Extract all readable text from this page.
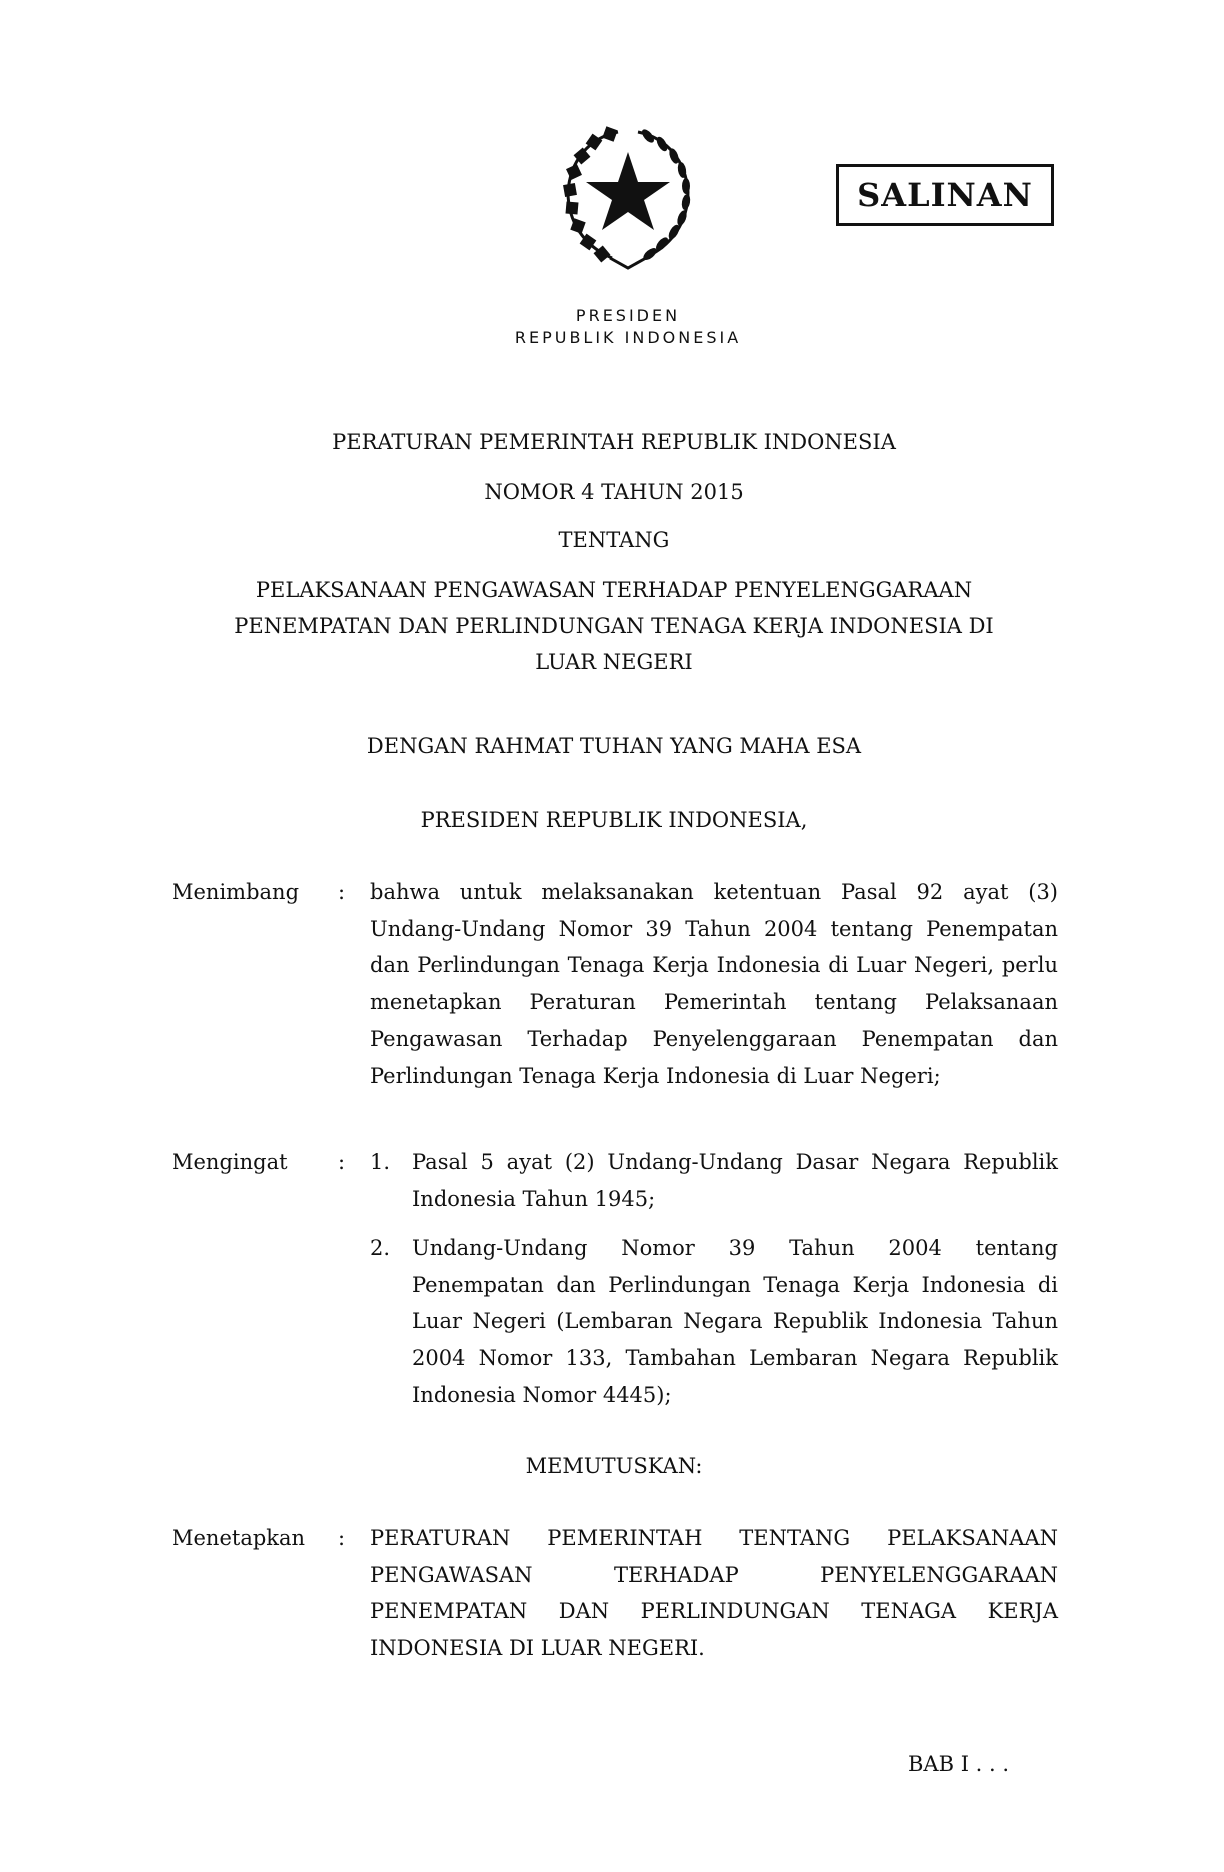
PRESIDEN
REPUBLIK INDONESIA
SALINAN
PERATURAN PEMERINTAH REPUBLIK INDONESIA
NOMOR 4 TAHUN 2015
TENTANG
PELAKSANAAN PENGAWASAN TERHADAP PENYELENGGARAAN
PENEMPATAN DAN PERLINDUNGAN TENAGA KERJA INDONESIA DI
LUAR NEGERI
DENGAN RAHMAT TUHAN YANG MAHA ESA
PRESIDEN REPUBLIK INDONESIA,
Menimbang : bahwa untuk melaksanakan ketentuan Pasal 92 ayat (3) Undang-Undang Nomor 39 Tahun 2004 tentang Penempatan dan Perlindungan Tenaga Kerja Indonesia di Luar Negeri, perlu menetapkan Peraturan Pemerintah tentang Pelaksanaan Pengawasan Terhadap Penyelenggaraan Penempatan dan Perlindungan Tenaga Kerja Indonesia di Luar Negeri;

Mengingat : 1. Pasal 5 ayat (2) Undang-Undang Dasar Negara Republik Indonesia Tahun 1945;

2. Undang-Undang Nomor 39 Tahun 2004 tentang Penempatan dan Perlindungan Tenaga Kerja Indonesia di Luar Negeri (Lembaran Negara Republik Indonesia Tahun 2004 Nomor 133, Tambahan Lembaran Negara Republik Indonesia Nomor 4445);

MEMUTUSKAN:
Menetapkan : PERATURAN PEMERINTAH TENTANG PELAKSANAAN PENGAWASAN TERHADAP PENYELENGGARAAN PENEMPATAN DAN PERLINDUNGAN TENAGA KERJA INDONESIA DI LUAR NEGERI.

BAB I . . .
